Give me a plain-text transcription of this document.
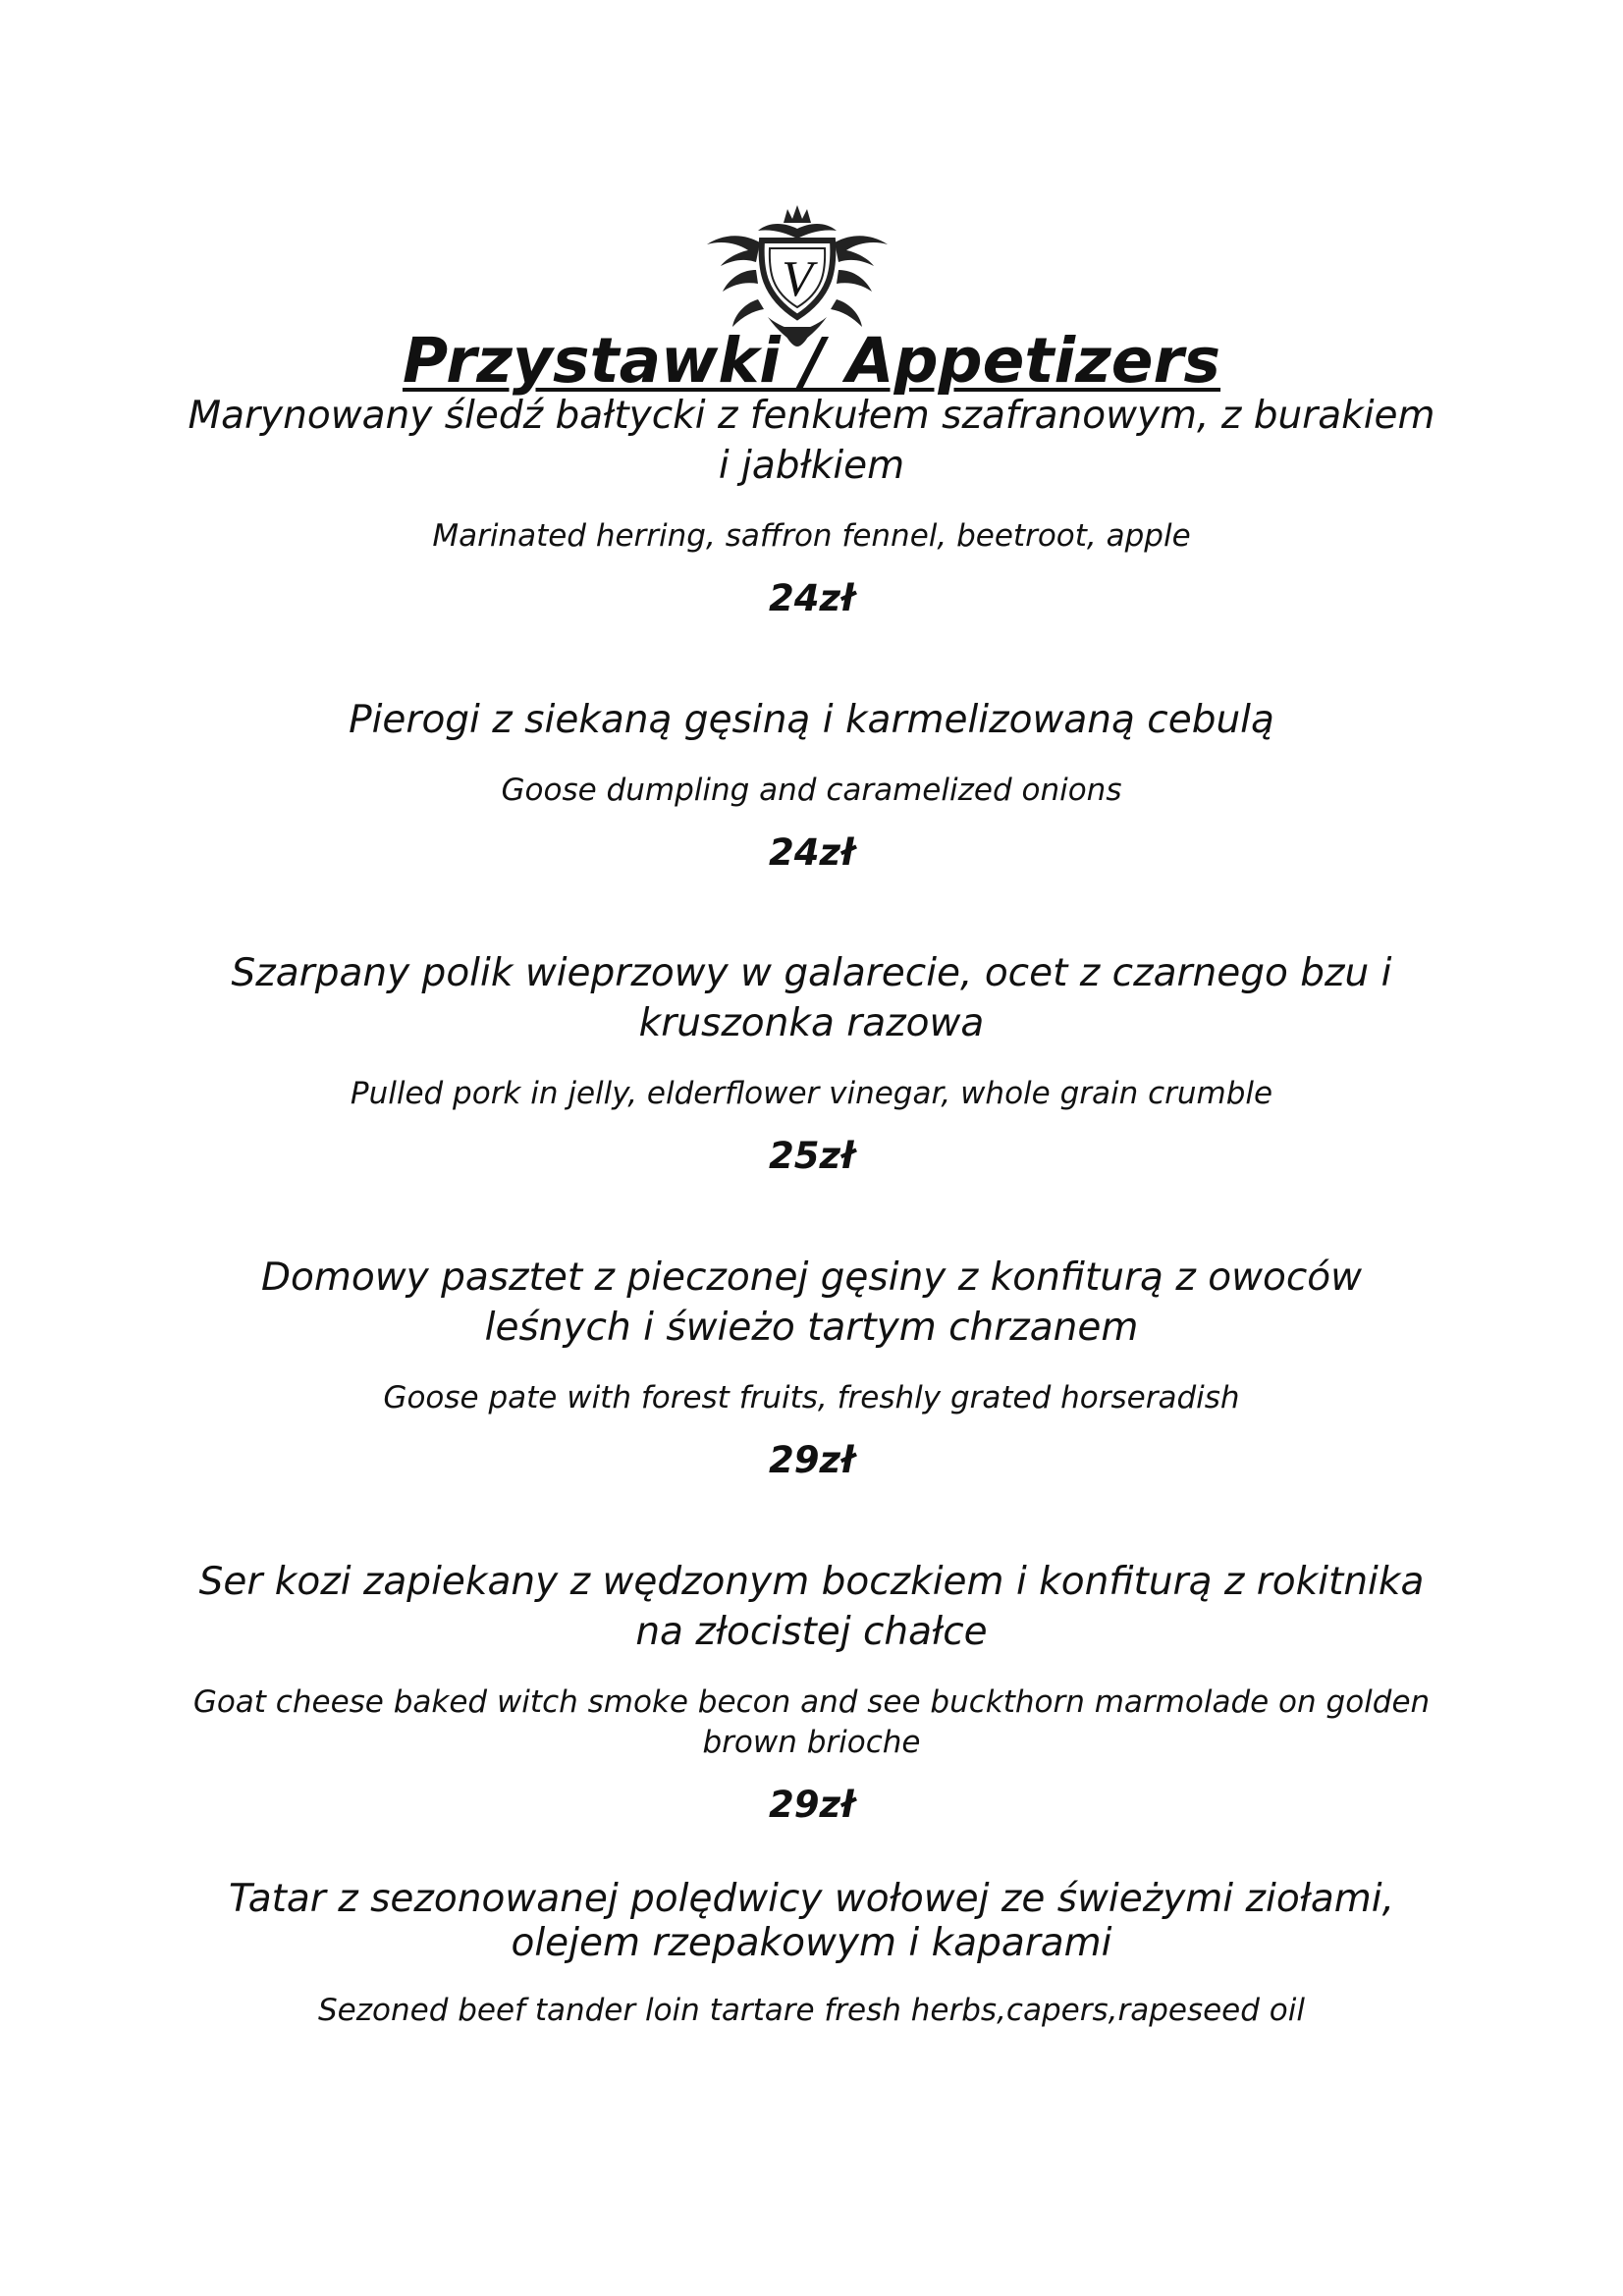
V
Przystawki / Appetizers
Marynowany śledź bałtycki z fenkułem szafranowym, z burakiem i jabłkiem
Marinated herring, saffron fennel, beetroot, apple
24zł
Pierogi z siekaną gęsiną i karmelizowaną cebulą
Goose dumpling and caramelized onions
24zł
Szarpany polik wieprzowy w galarecie, ocet z czarnego bzu i kruszonka razowa
Pulled pork in jelly, elderflower vinegar, whole grain crumble
25zł
Domowy pasztet z pieczonej gęsiny z konfiturą z owoców leśnych i świeżo tartym chrzanem
Goose pate with forest fruits, freshly grated horseradish
29zł
Ser kozi zapiekany z wędzonym boczkiem i konfiturą z rokitnika na złocistej chałce
Goat cheese baked witch smoke becon and see buckthorn marmolade on golden brown brioche
29zł
Tatar z sezonowanej polędwicy wołowej ze świeżymi ziołami, olejem rzepakowym i kaparami
Sezoned beef tander loin tartare fresh herbs,capers,rapeseed oil
